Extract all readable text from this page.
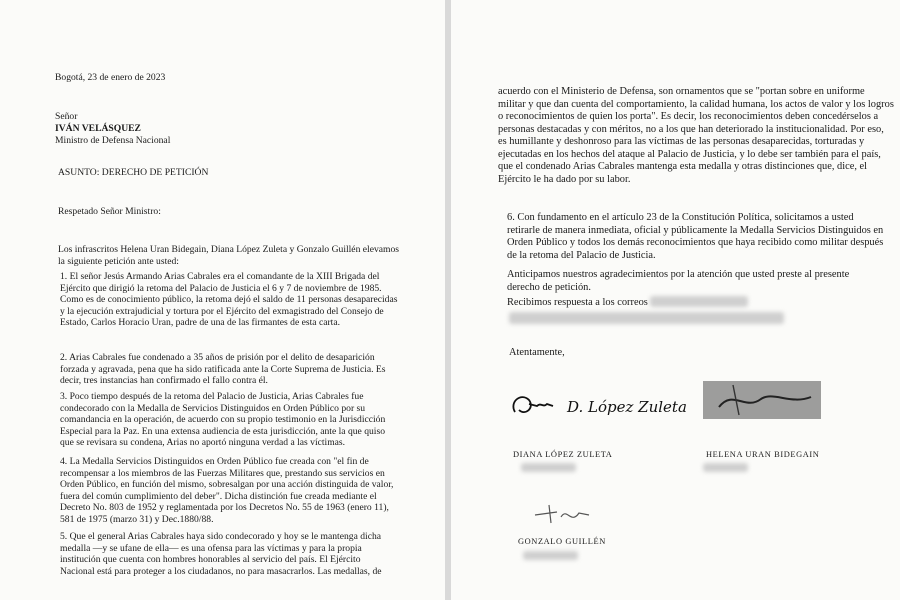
Bogotá, 23 de enero de 2023

Señor

IVÁN VELÁSQUEZ

Ministro de Defensa Nacional

ASUNTO: DERECHO DE PETICIÓN

Respetado Señor Ministro:

Los infrascritos Helena Uran Bidegain, Diana López Zuleta y Gonzalo Guillén elevamos la siguiente petición ante usted:

1. El señor Jesús Armando Arias Cabrales era el comandante de la XIII Brigada del Ejército que dirigió la retoma del Palacio de Justicia el 6 y 7 de noviembre de 1985. Como es de conocimiento público, la retoma dejó el saldo de 11 personas desaparecidas y la ejecución extrajudicial y tortura por el Ejército del exmagistrado del Consejo de Estado, Carlos Horacio Uran, padre de una de las firmantes de esta carta.

2. Arias Cabrales fue condenado a 35 años de prisión por el delito de desaparición forzada y agravada, pena que ha sido ratificada ante la Corte Suprema de Justicia. Es decir, tres instancias han confirmado el fallo contra él.

3. Poco tiempo después de la retoma del Palacio de Justicia, Arias Cabrales fue condecorado con la Medalla de Servicios Distinguidos en Orden Público por su comandancia en la operación, de acuerdo con su propio testimonio en la Jurisdicción Especial para la Paz. En una extensa audiencia de esta jurisdicción, ante la que quiso que se revisara su condena, Arias no aportó ninguna verdad a las víctimas.

4. La Medalla Servicios Distinguidos en Orden Público fue creada con "el fin de recompensar a los miembros de las Fuerzas Militares que, prestando sus servicios en Orden Público, en función del mismo, sobresalgan por una acción distinguida de valor, fuera del común cumplimiento del deber". Dicha distinción fue creada mediante el Decreto No. 803 de 1952 y reglamentada por los Decretos No. 55 de 1963 (enero 11), 581 de 1975 (marzo 31) y Dec.1880/88.

5. Que el general Arias Cabrales haya sido condecorado y hoy se le mantenga dicha medalla —y se ufane de ella— es una ofensa para las víctimas y para la propia institución que cuenta con hombres honorables al servicio del país. El Ejército Nacional está para proteger a los ciudadanos, no para masacrarlos. Las medallas, de

acuerdo con el Ministerio de Defensa, son ornamentos que se "portan sobre en uniforme militar y que dan cuenta del comportamiento, la calidad humana, los actos de valor y los logros o reconocimientos de quien los porta". Es decir, los reconocimientos deben concedérselos a personas destacadas y con méritos, no a los que han deteriorado la institucionalidad. Por eso, es humillante y deshonroso para las víctimas de las personas desaparecidas, torturadas y ejecutadas en los hechos del ataque al Palacio de Justicia, y lo debe ser también para el país, que el condenado Arias Cabrales mantenga esta medalla y otras distinciones que, dice, el Ejército le ha dado por su labor.

6. Con fundamento en el artículo 23 de la Constitución Política, solicitamos a usted retirarle de manera inmediata, oficial y públicamente la Medalla Servicios Distinguidos en Orden Público y todos los demás reconocimientos que haya recibido como militar después de la retoma del Palacio de Justicia.

Anticipamos nuestros agradecimientos por la atención que usted preste al presente derecho de petición.

Recibimos respuesta a los correos

Atentamente,

D. López Zuleta

DIANA LÓPEZ ZULETA	HELENA URAN BIDEGAIN

GONZALO GUILLÉN
